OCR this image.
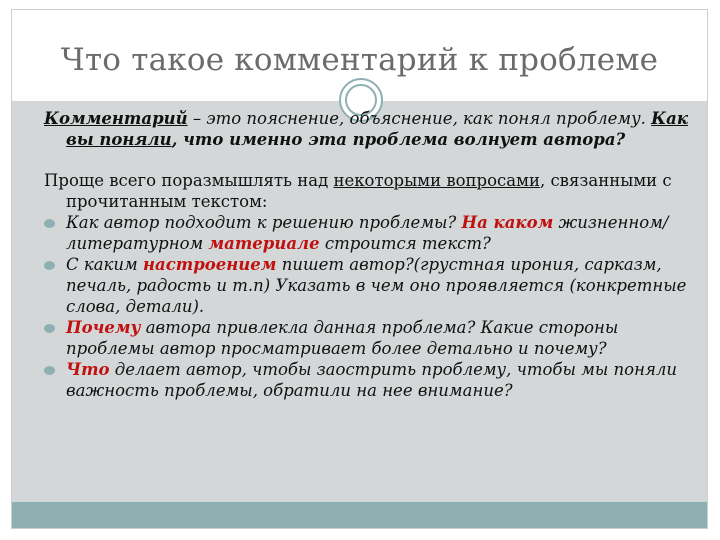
Что такое комментарий к проблеме

Комментарий – это пояснение, объяснение, как понял проблему. Как вы поняли, что именно эта проблема волнует автора?

Проще всего поразмышлять над некоторыми вопросами, связанными с прочитанным текстом:

Как автор подходит к решению проблемы? На каком жизненном/литературном материале строится текст?
С каким настроением пишет автор?(грустная ирония, сарказм, печаль, радость и т.п) Указать в чем оно проявляется (конкретные слова, детали).
Почему автора привлекла данная проблема? Какие стороны проблемы автор просматривает более детально и почему?
Что делает автор, чтобы заострить проблему, чтобы мы поняли важность проблемы, обратили на нее внимание?
